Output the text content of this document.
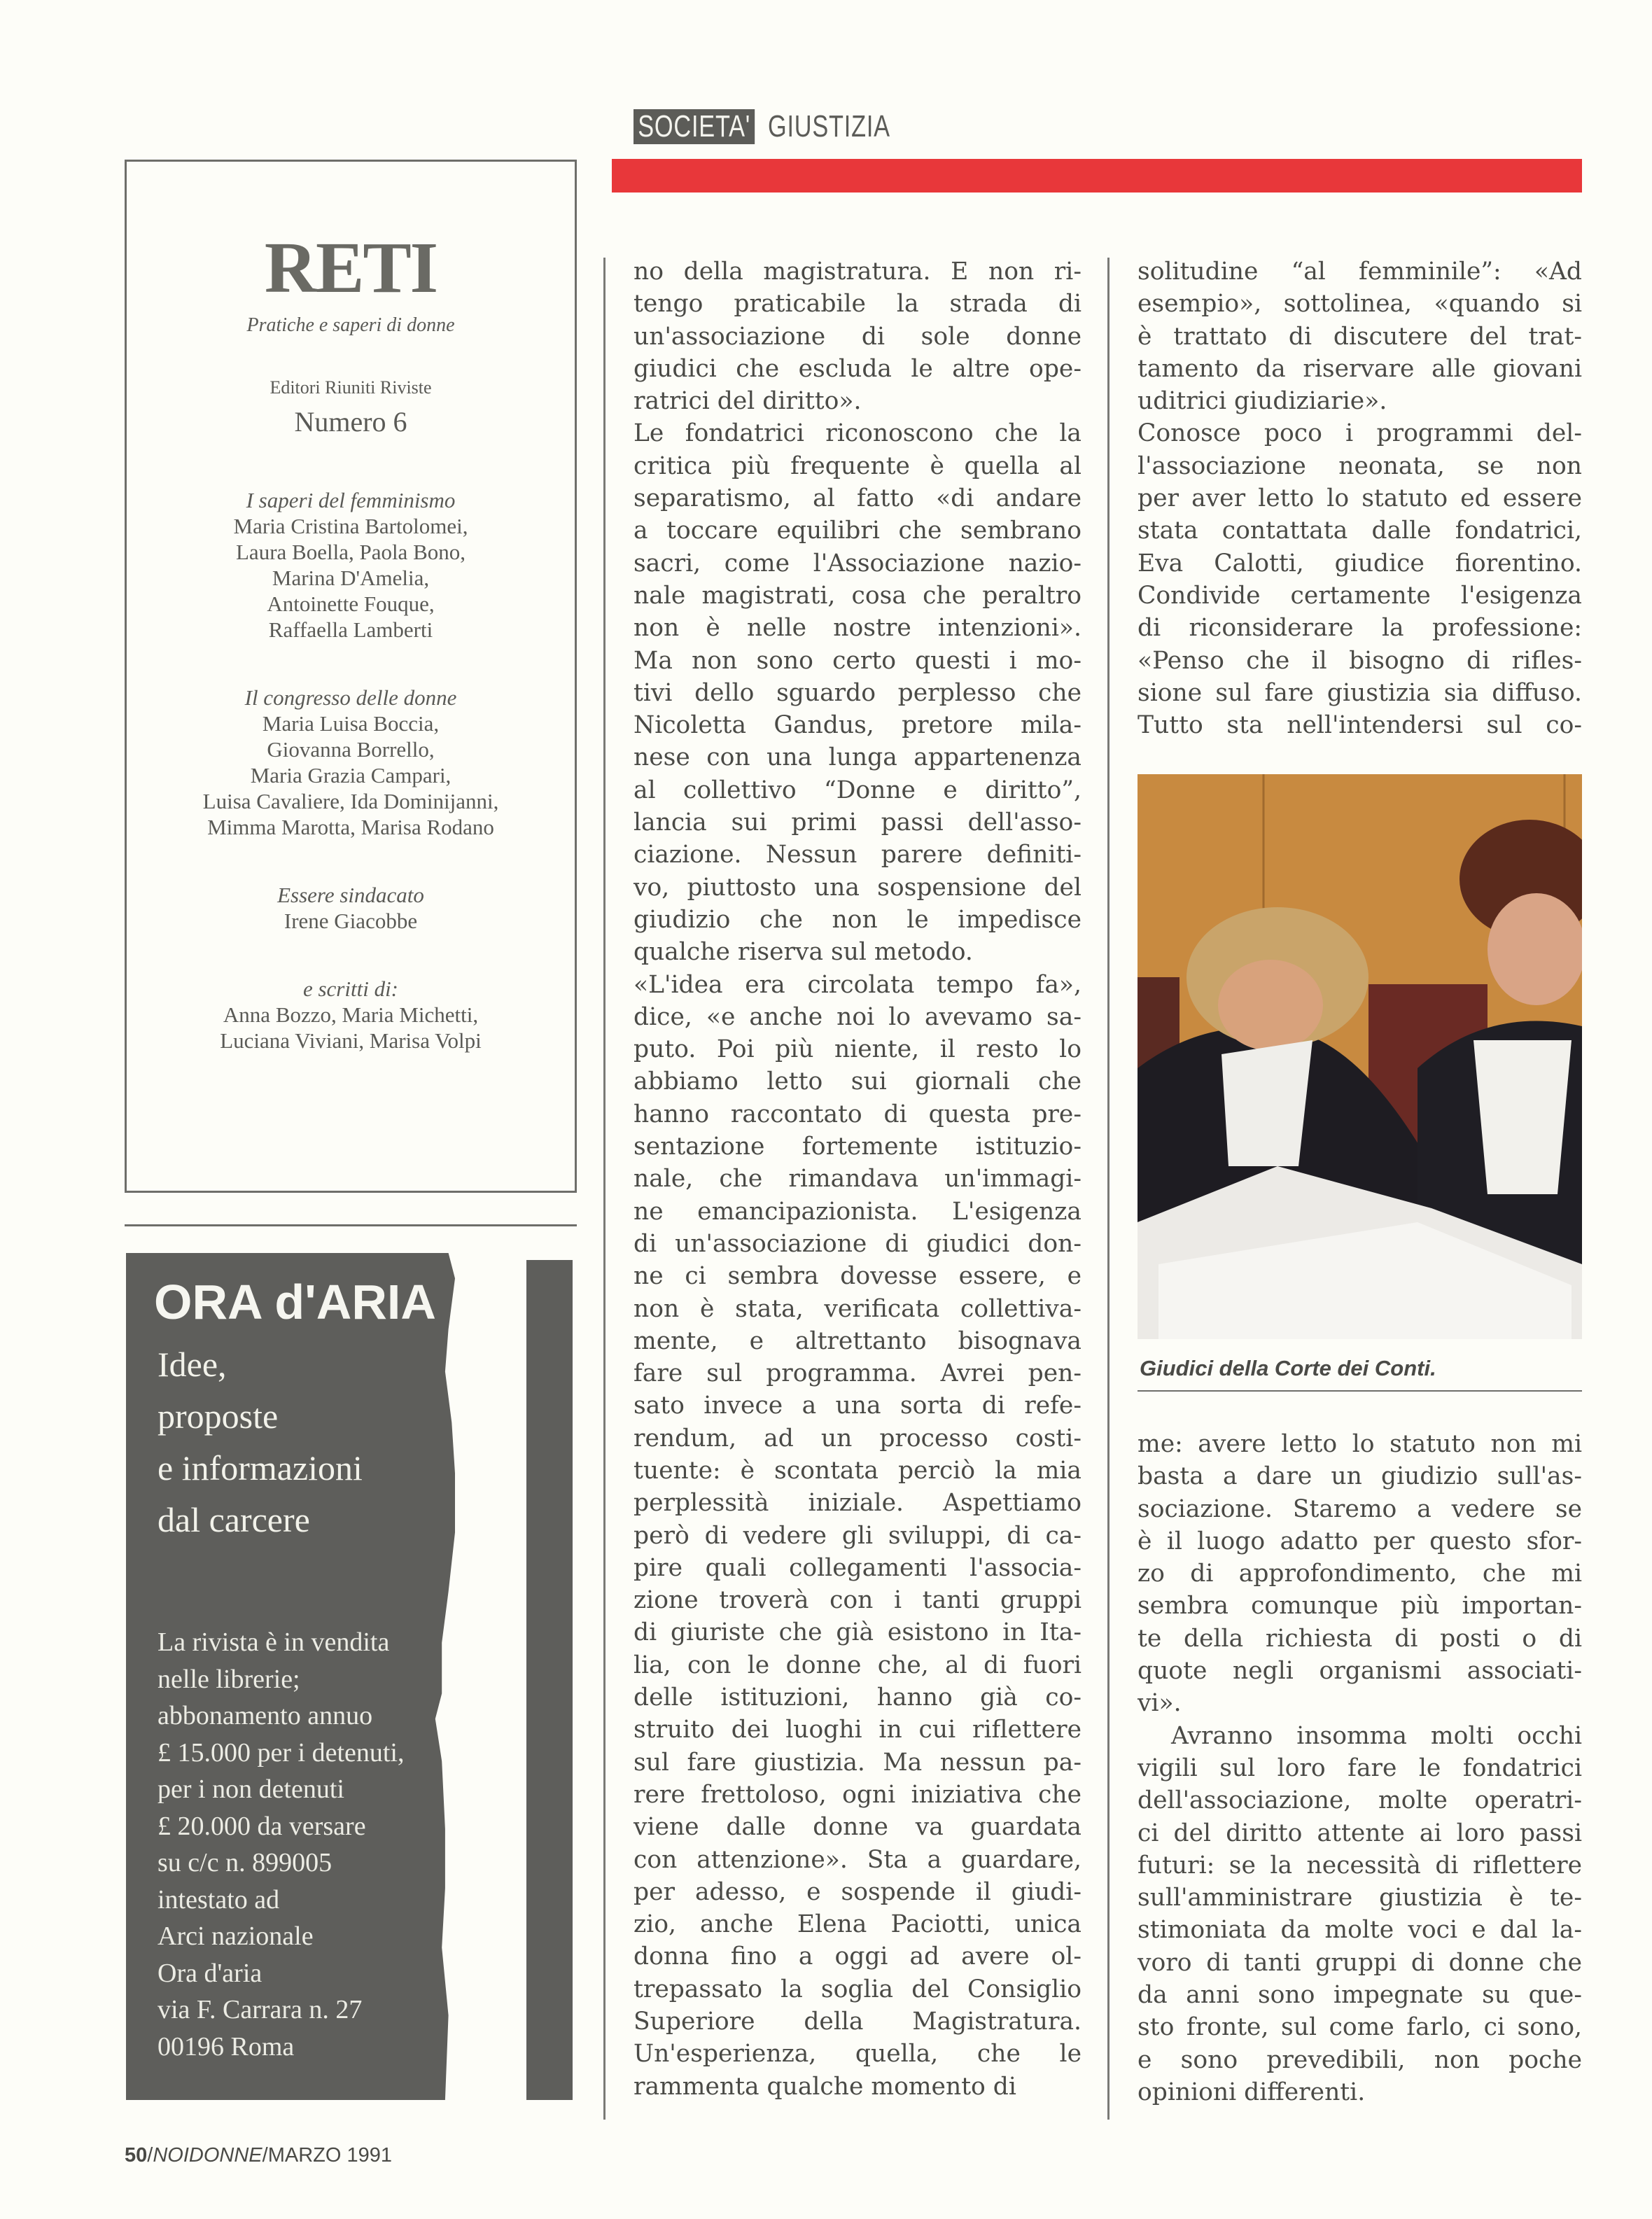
SOCIETA' GIUSTIZIA
RETI
Pratiche e saperi di donne
Editori Riuniti Riviste
Numero 6
I saperi del femminismo
Maria Cristina Bartolomei,
Laura Boella, Paola Bono,
Marina D'Amelia,
Antoinette Fouque,
Raffaella Lamberti
Il congresso delle donne
Maria Luisa Boccia,
Giovanna Borrello,
Maria Grazia Campari,
Luisa Cavaliere, Ida Dominijanni,
Mimma Marotta, Marisa Rodano
Essere sindacato
Irene Giacobbe
e scritti di:
Anna Bozzo, Maria Michetti,
Luciana Viviani, Marisa Volpi
ORA d'ARIA
Idee,
proposte
e informazioni
dal carcere
La rivista è in vendita
nelle librerie;
abbonamento annuo
£ 15.000 per i detenuti,
per i non detenuti
£ 20.000 da versare
su c/c n. 899005
intestato ad
Arci nazionale
Ora d'aria
via F. Carrara n. 27
00196 Roma
no della magistratura. E non ri-
tengo praticabile la strada di
un'associazione di sole donne
giudici che escluda le altre ope-
ratrici del diritto».
Le fondatrici riconoscono che la
critica più frequente è quella al
separatismo, al fatto «di andare
a toccare equilibri che sembrano
sacri, come l'Associazione nazio-
nale magistrati, cosa che peraltro
non è nelle nostre intenzioni».
Ma non sono certo questi i mo-
tivi dello sguardo perplesso che
Nicoletta Gandus, pretore mila-
nese con una lunga appartenenza
al collettivo “Donne e diritto”,
lancia sui primi passi dell'asso-
ciazione. Nessun parere definiti-
vo, piuttosto una sospensione del
giudizio che non le impedisce
qualche riserva sul metodo.
«L'idea era circolata tempo fa»,
dice, «e anche noi lo avevamo sa-
puto. Poi più niente, il resto lo
abbiamo letto sui giornali che
hanno raccontato di questa pre-
sentazione fortemente istituzio-
nale, che rimandava un'immagi-
ne emancipazionista. L'esigenza
di un'associazione di giudici don-
ne ci sembra dovesse essere, e
non è stata, verificata collettiva-
mente, e altrettanto bisognava
fare sul programma. Avrei pen-
sato invece a una sorta di refe-
rendum, ad un processo costi-
tuente: è scontata perciò la mia
perplessità iniziale. Aspettiamo
però di vedere gli sviluppi, di ca-
pire quali collegamenti l'associa-
zione troverà con i tanti gruppi
di giuriste che già esistono in Ita-
lia, con le donne che, al di fuori
delle istituzioni, hanno già co-
struito dei luoghi in cui riflettere
sul fare giustizia. Ma nessun pa-
rere frettoloso, ogni iniziativa che
viene dalle donne va guardata
con attenzione». Sta a guardare,
per adesso, e sospende il giudi-
zio, anche Elena Paciotti, unica
donna fino a oggi ad avere ol-
trepassato la soglia del Consiglio
Superiore della Magistratura.
Un'esperienza, quella, che le
rammenta qualche momento di
solitudine “al femminile”: «Ad
esempio», sottolinea, «quando si
è trattato di discutere del trat-
tamento da riservare alle giovani
uditrici giudiziarie».
Conosce poco i programmi del-
l'associazione neonata, se non
per aver letto lo statuto ed essere
stata contattata dalle fondatrici,
Eva Calotti, giudice fiorentino.
Condivide certamente l'esigenza
di riconsiderare la professione:
«Penso che il bisogno di rifles-
sione sul fare giustizia sia diffuso.
Tutto sta nell'intendersi sul co-
Giudici della Corte dei Conti.
me: avere letto lo statuto non mi
basta a dare un giudizio sull'as-
sociazione. Staremo a vedere se
è il luogo adatto per questo sfor-
zo di approfondimento, che mi
sembra comunque più importan-
te della richiesta di posti o di
quote negli organismi associati-
vi».
Avranno insomma molti occhi
vigili sul loro fare le fondatrici
dell'associazione, molte operatri-
ci del diritto attente ai loro passi
futuri: se la necessità di riflettere
sull'amministrare giustizia è te-
stimoniata da molte voci e dal la-
voro di tanti gruppi di donne che
da anni sono impegnate su que-
sto fronte, sul come farlo, ci sono,
e sono prevedibili, non poche
opinioni differenti.
50/NOIDONNE/MARZO 1991
